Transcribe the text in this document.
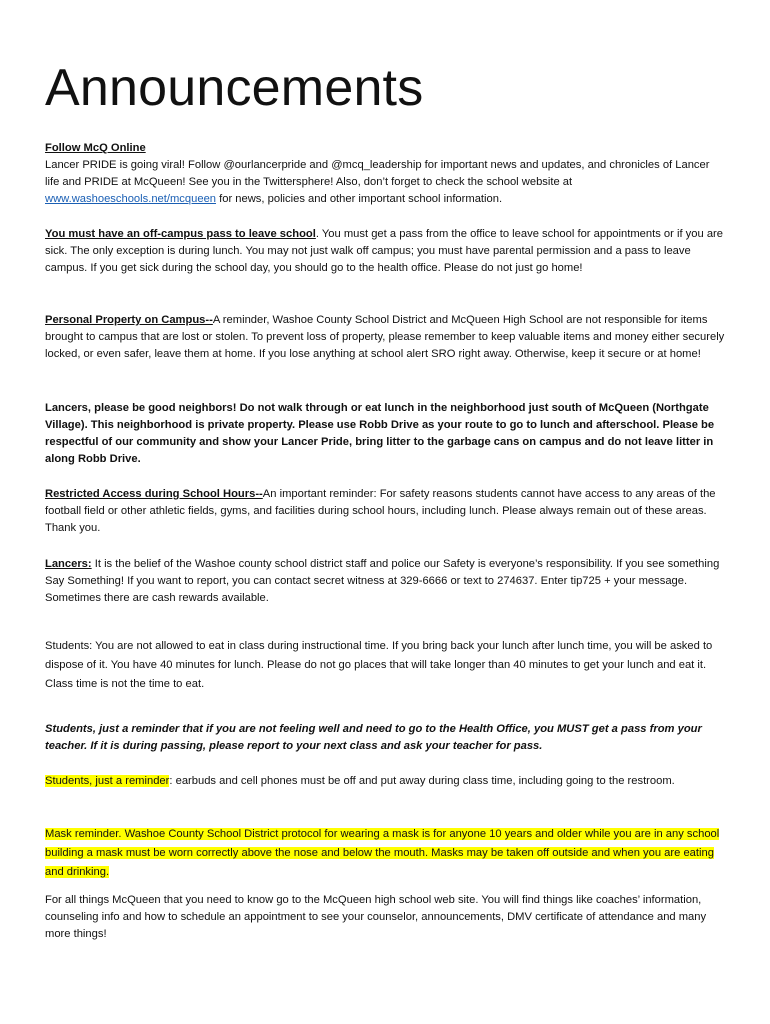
Announcements

Follow McQ Online
Lancer PRIDE is going viral! Follow @ourlancerpride and @mcq_leadership for important news and updates, and chronicles of Lancer life and PRIDE at McQueen! See you in the Twittersphere! Also, don’t forget to check the school website at www.washoeschools.net/mcqueen for news, policies and other important school information.

You must have an off-campus pass to leave school. You must get a pass from the office to leave school for appointments or if you are sick. The only exception is during lunch. You may not just walk off campus; you must have parental permission and a pass to leave campus. If you get sick during the school day, you should go to the health office. Please do not just go home!

Personal Property on Campus--A reminder, Washoe County School District and McQueen High School are not responsible for items brought to campus that are lost or stolen. To prevent loss of property, please remember to keep valuable items and money either securely locked, or even safer, leave them at home. If you lose anything at school alert SRO right away. Otherwise, keep it secure or at home!

Lancers, please be good neighbors! Do not walk through or eat lunch in the neighborhood just south of McQueen (Northgate Village). This neighborhood is private property. Please use Robb Drive as your route to go to lunch and afterschool. Please be respectful of our community and show your Lancer Pride, bring litter to the garbage cans on campus and do not leave litter in along Robb Drive.

Restricted Access during School Hours--An important reminder: For safety reasons students cannot have access to any areas of the football field or other athletic fields, gyms, and facilities during school hours, including lunch. Please always remain out of these areas. Thank you.

Lancers: It is the belief of the Washoe county school district staff and police our Safety is everyone’s responsibility. If you see something Say Something! If you want to report, you can contact secret witness at 329-6666 or text to 274637. Enter tip725 + your message. Sometimes there are cash rewards available.

Students: You are not allowed to eat in class during instructional time. If you bring back your lunch after lunch time, you will be asked to dispose of it. You have 40 minutes for lunch. Please do not go places that will take longer than 40 minutes to get your lunch and eat it. Class time is not the time to eat.

Students, just a reminder that if you are not feeling well and need to go to the Health Office, you MUST get a pass from your teacher. If it is during passing, please report to your next class and ask your teacher for pass.

Students, just a reminder: earbuds and cell phones must be off and put away during class time, including going to the restroom.

Mask reminder. Washoe County School District protocol for wearing a mask is for anyone 10 years and older while you are in any school building a mask must be worn correctly above the nose and below the mouth. Masks may be taken off outside and when you are eating and drinking.

For all things McQueen that you need to know go to the McQueen high school web site. You will find things like coaches’ information, counseling info and how to schedule an appointment to see your counselor, announcements, DMV certificate of attendance and many more things!
